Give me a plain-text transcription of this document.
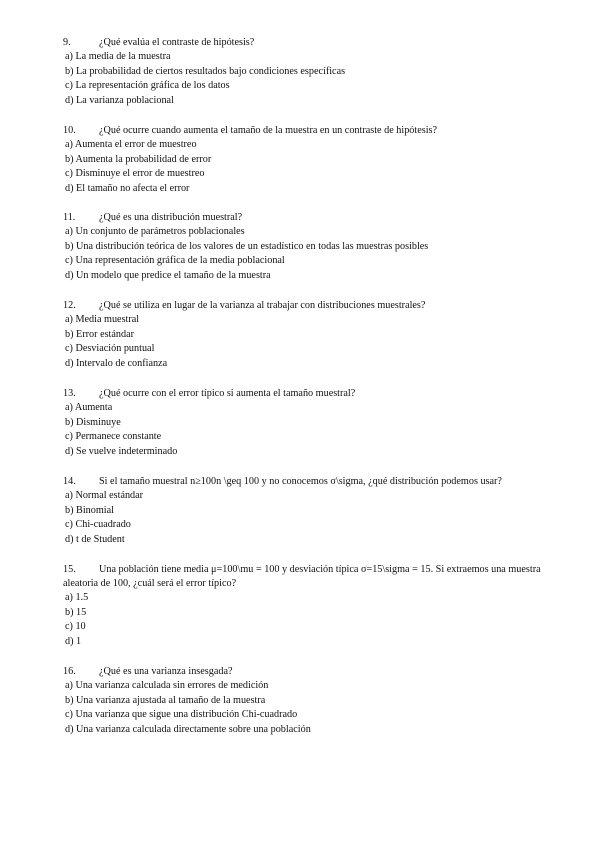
9.	¿Qué evalúa el contraste de hipótesis?
a) La media de la muestra
b) La probabilidad de ciertos resultados bajo condiciones específicas
c) La representación gráfica de los datos
d) La varianza poblacional
10. ¿Qué ocurre cuando aumenta el tamaño de la muestra en un contraste de hipótesis?
a) Aumenta el error de muestreo
b) Aumenta la probabilidad de error
c) Disminuye el error de muestreo
d) El tamaño no afecta el error
11. ¿Qué es una distribución muestral?
a) Un conjunto de parámetros poblacionales
b) Una distribución teórica de los valores de un estadístico en todas las muestras posibles
c) Una representación gráfica de la media poblacional
d) Un modelo que predice el tamaño de la muestra
12. ¿Qué se utiliza en lugar de la varianza al trabajar con distribuciones muestrales?
a) Media muestral
b) Error estándar
c) Desviación puntual
d) Intervalo de confianza
13. ¿Qué ocurre con el error típico si aumenta el tamaño muestral?
a) Aumenta
b) Disminuye
c) Permanece constante
d) Se vuelve indeterminado
14. Si el tamaño muestral n≥100n \geq 100 y no conocemos σ\sigma, ¿qué distribución podemos usar?
a) Normal estándar
b) Binomial
c) Chi-cuadrado
d) t de Student
15. Una población tiene media μ=100\mu = 100 y desviación típica σ=15\sigma = 15. Si extraemos una muestra
aleatoria de 100, ¿cuál será el error típico?
a) 1.5
b) 15
c) 10
d) 1
16. ¿Qué es una varianza insesgada?
a) Una varianza calculada sin errores de medición
b) Una varianza ajustada al tamaño de la muestra
c) Una varianza que sigue una distribución Chi-cuadrado
d) Una varianza calculada directamente sobre una población
